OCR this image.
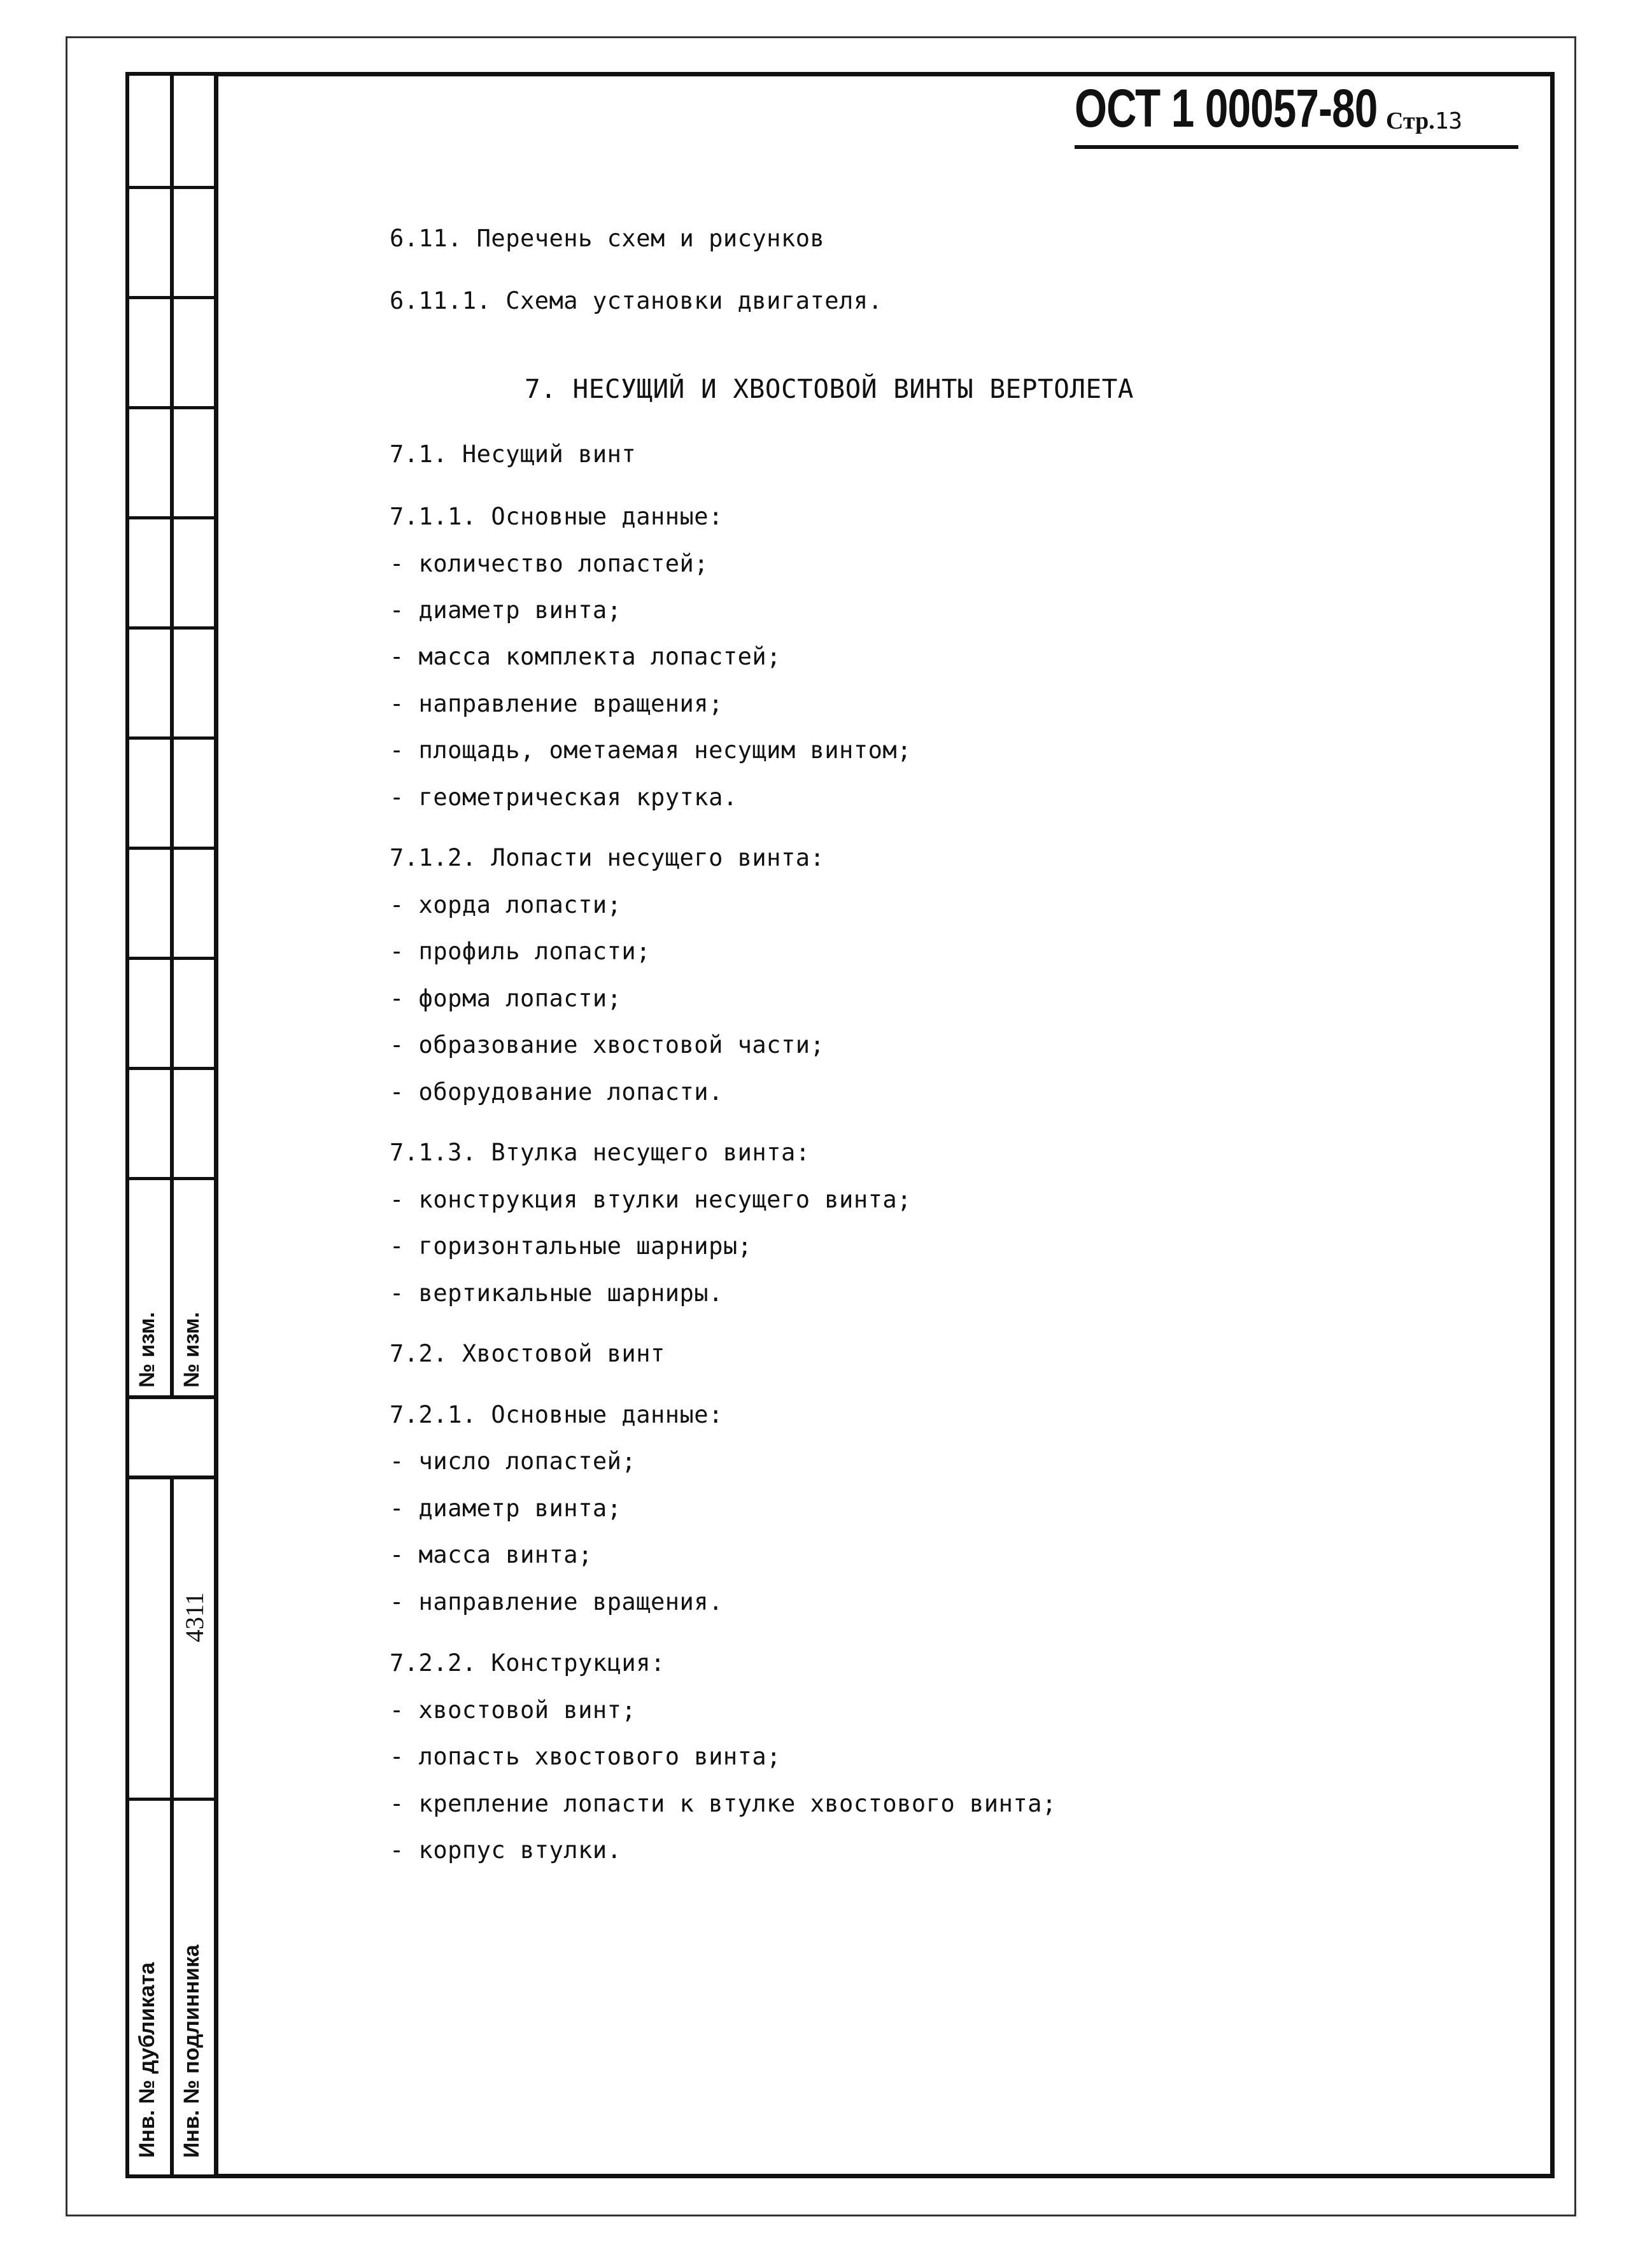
№ изм. № изм.
4311
Инв. № дубликата Инв. № подлинника
ОСТ 1 00057-80 Стр.13
6.11. Перечень схем и рисунков
6.11.1. Схема установки двигателя.
7. НЕСУЩИЙ И ХВОСТОВОЙ ВИНТЫ ВЕРТОЛЕТА
7.1. Несущий винт
7.1.1. Основные данные:
- количество лопастей;
- диаметр винта;
- масса комплекта лопастей;
- направление вращения;
- площадь, ометаемая несущим винтом;
- геометрическая крутка.
7.1.2. Лопасти несущего винта:
- хорда лопасти;
- профиль лопасти;
- форма лопасти;
- образование хвостовой части;
- оборудование лопасти.
7.1.3. Втулка несущего винта:
- конструкция втулки несущего винта;
- горизонтальные шарниры;
- вертикальные шарниры.
7.2. Хвостовой винт
7.2.1. Основные данные:
- число лопастей;
- диаметр винта;
- масса винта;
- направление вращения.
7.2.2. Конструкция:
- хвостовой винт;
- лопасть хвостового винта;
- крепление лопасти к втулке хвостового винта;
- корпус втулки.
